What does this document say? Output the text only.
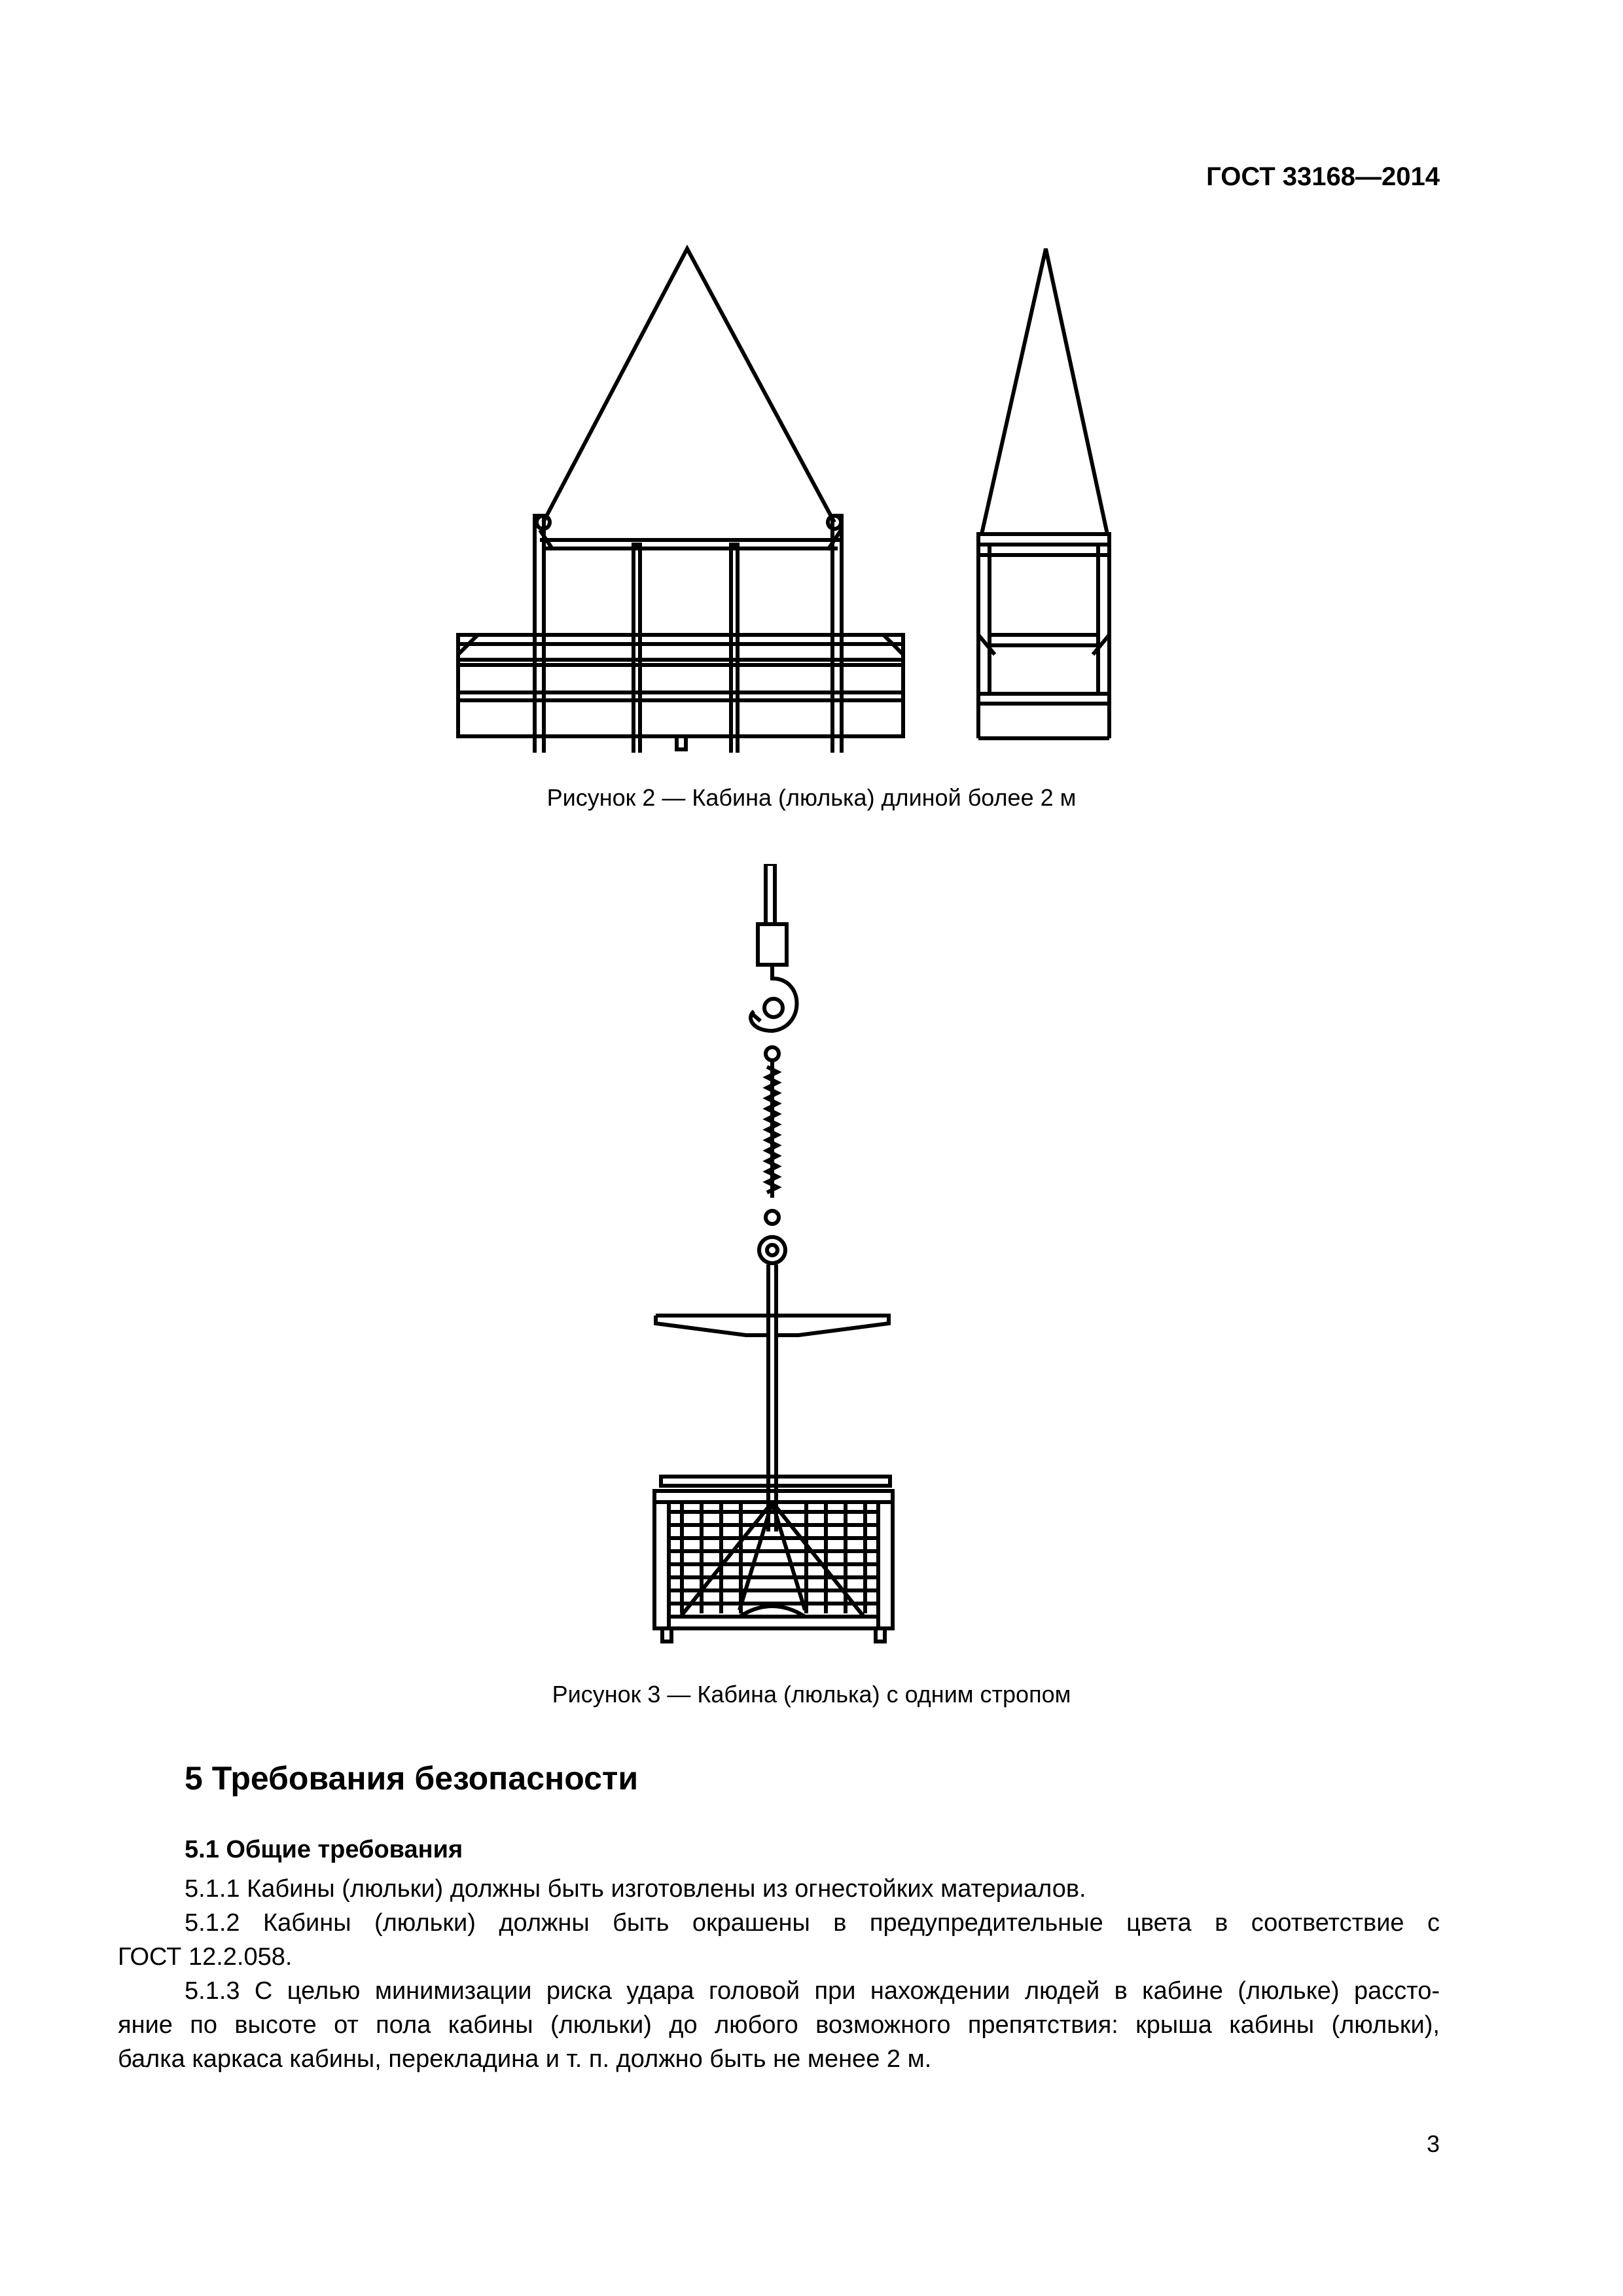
ГОСТ 33168—2014
Рисунок 2 — Кабина (люлька) длиной более 2 м
Рисунок 3 — Кабина (люлька) с одним стропом
5 Требования безопасности
5.1 Общие требования
5.1.1 Кабины (люльки) должны быть изготовлены из огнестойких материалов.
5.1.2 Кабины (люльки) должны быть окрашены в предупредительные цвета в соответствие с
ГОСТ 12.2.058.
5.1.3 С целью минимизации риска удара головой при нахождении людей в кабине (люльке) рассто-
яние по высоте от пола кабины (люльки) до любого возможного препятствия: крыша кабины (люльки),
балка каркаса кабины, перекладина и т. п. должно быть не менее 2 м.
3
